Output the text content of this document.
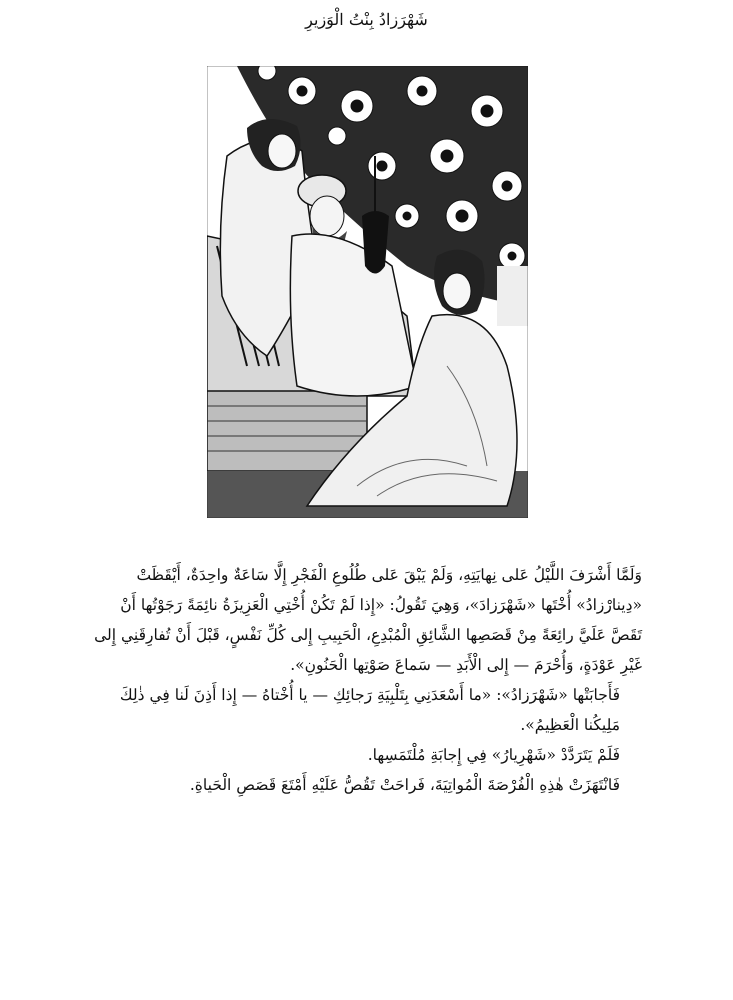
شَهْرَزادُ بِنْتُ الْوَزيرِ

وَلَمَّا أَشْرَفَ اللَّيْلُ عَلى نِهايَتِهِ، وَلَمْ يَبْقَ عَلى طُلُوعِ الْفَجْرِ إِلَّا سَاعَةٌ واحِدَةٌ، أَيْقَظَتْ
«دِينارْزادُ» أُخْتَها «شَهْرَزادَ»، وَهِيَ تَقُولُ: «إِذا لَمْ تَكُنْ أُخْتِي الْعَزِيزَةُ نائِمَةً رَجَوْتُها أَنْ
تَقَصَّ عَلَيَّ رائِعَةً مِنْ قَصَصِها الشَّائِقِ الْمُبْدِعِ، الْحَبِيبِ إِلى كُلِّ نَفْسٍ، قَبْلَ أَنْ تُفارِقَنِي إِلى
غَيْرِ عَوْدَةٍ، وَأُحْرَمَ — إِلى الْأَبَدِ — سَماعَ صَوْتِها الْحَنُونِ».

فَأَجابَتْها «شَهْرَزادُ»: «ما أَسْعَدَنِي بِتَلْبِيَةِ رَجائِكِ — يا أُخْتاهُ — إِذا أَذِنَ لَنا فِي ذٰلِكَ
مَلِيكُنا الْعَظِيمُ».

فَلَمْ يَتَرَدَّدْ «شَهْرِيارُ» فِي إِجابَةِ مُلْتَمَسِها.

فَانْتَهَزَتْ هٰذِهِ الْفُرْصَةَ الْمُواتِيَةَ، فَراحَتْ تَقُصُّ عَلَيْهِ أَمْتَعَ قَصَصِ الْحَياةِ.
